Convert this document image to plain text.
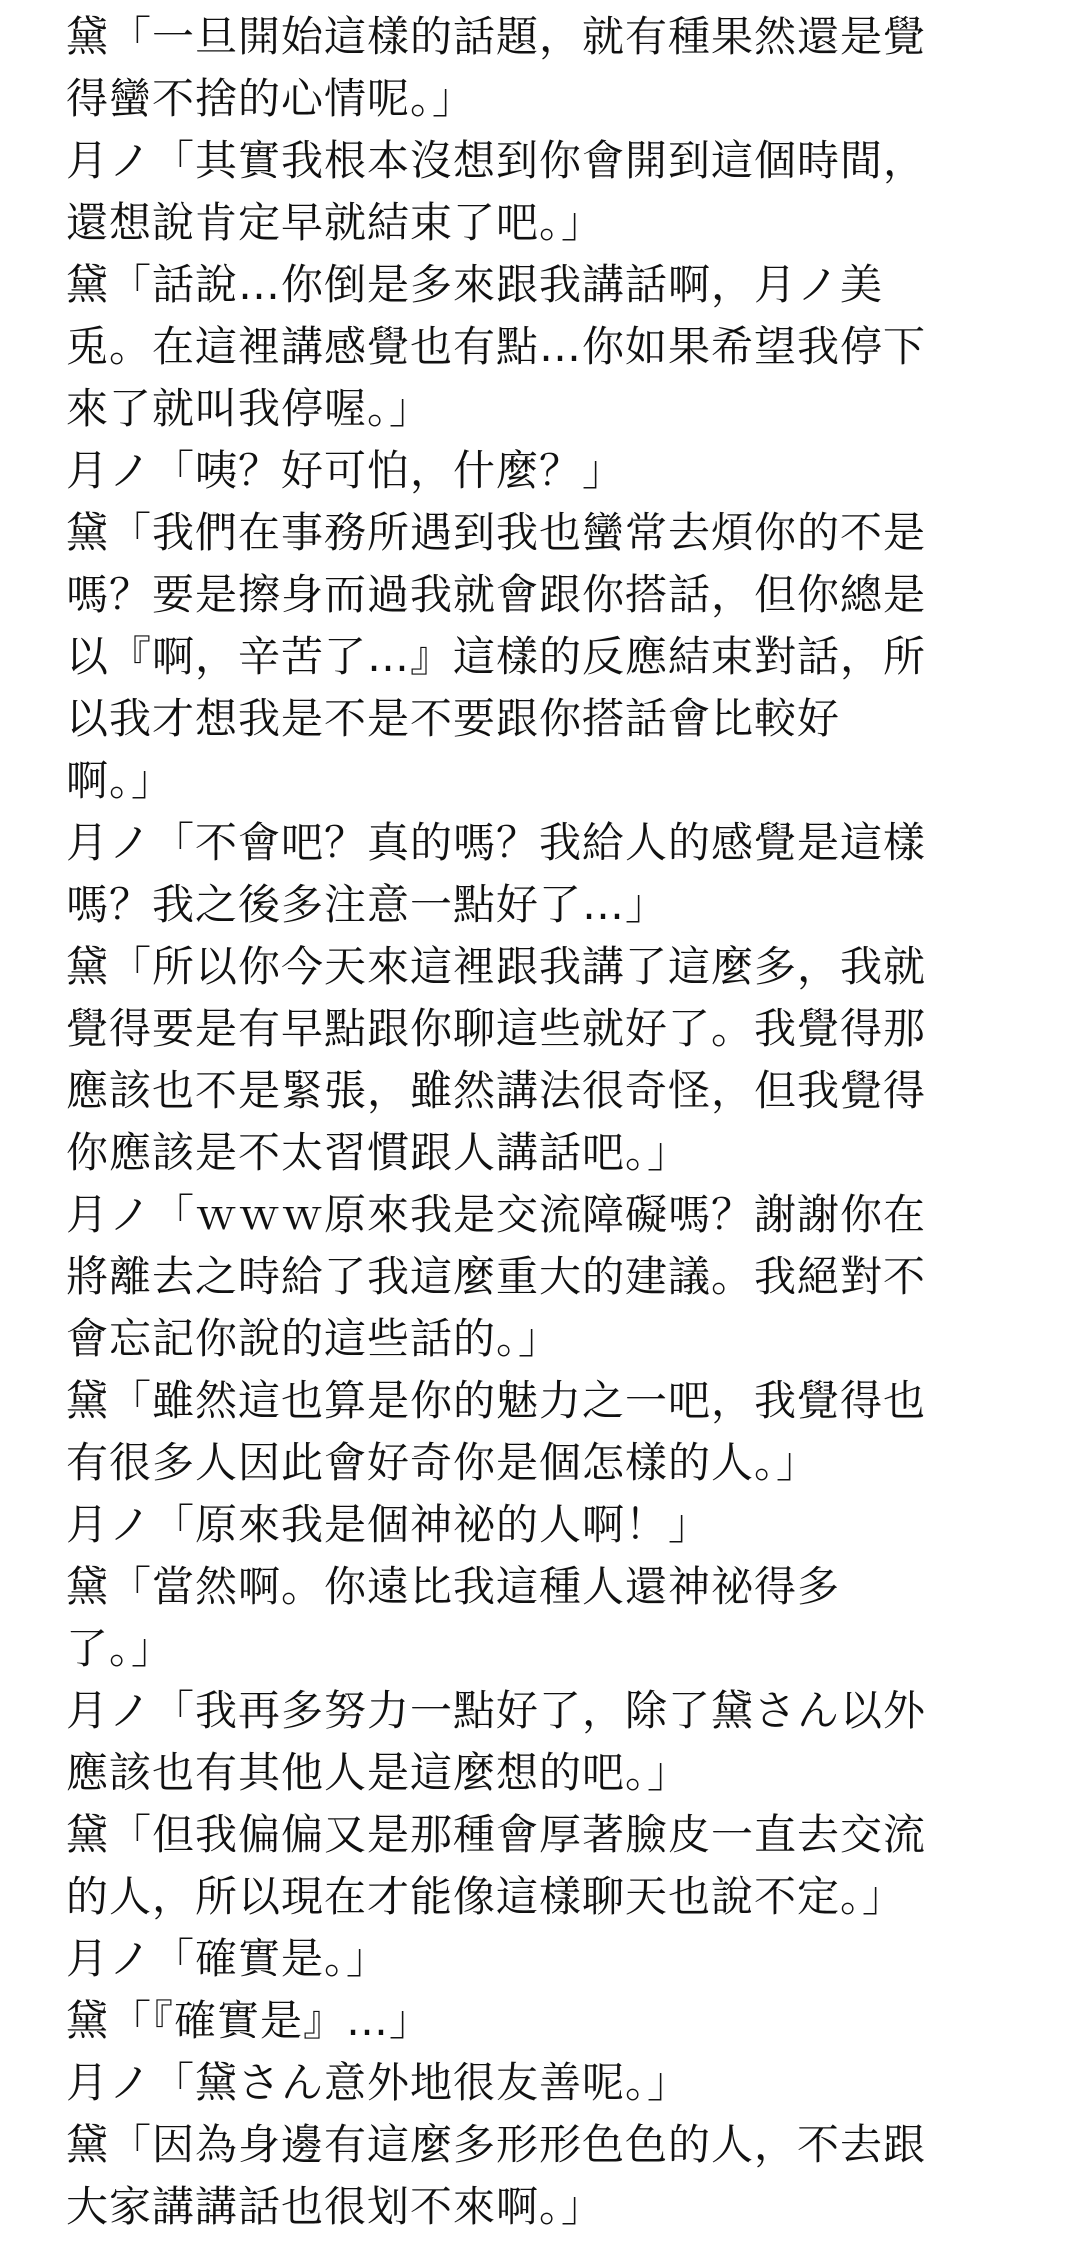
黛「一旦開始這樣的話題，就有種果然還是覺
得蠻不捨的心情呢。」
月ノ「其實我根本沒想到你會開到這個時間，
還想說肯定早就結束了吧。」
黛「話說…你倒是多來跟我講話啊，月ノ美
兎。在這裡講感覺也有點…你如果希望我停下
來了就叫我停喔。」
月ノ「咦？好可怕，什麼？」
黛「我們在事務所遇到我也蠻常去煩你的不是
嗎？要是擦身而過我就會跟你搭話，但你總是
以『啊，辛苦了…』這樣的反應結束對話，所
以我才想我是不是不要跟你搭話會比較好
啊。」
月ノ「不會吧？真的嗎？我給人的感覺是這樣
嗎？我之後多注意一點好了…」
黛「所以你今天來這裡跟我講了這麼多，我就
覺得要是有早點跟你聊這些就好了。我覺得那
應該也不是緊張，雖然講法很奇怪，但我覺得
你應該是不太習慣跟人講話吧。」
月ノ「ｗｗｗ原來我是交流障礙嗎？謝謝你在
將離去之時給了我這麼重大的建議。我絕對不
會忘記你說的這些話的。」
黛「雖然這也算是你的魅力之一吧，我覺得也
有很多人因此會好奇你是個怎樣的人。」
月ノ「原來我是個神祕的人啊！」
黛「當然啊。你遠比我這種人還神祕得多
了。」
月ノ「我再多努力一點好了，除了黛さん以外
應該也有其他人是這麼想的吧。」
黛「但我偏偏又是那種會厚著臉皮一直去交流
的人，所以現在才能像這樣聊天也說不定。」
月ノ「確實是。」
黛「『確實是』…」
月ノ「黛さん意外地很友善呢。」
黛「因為身邊有這麼多形形色色的人，不去跟
大家講講話也很划不來啊。」
